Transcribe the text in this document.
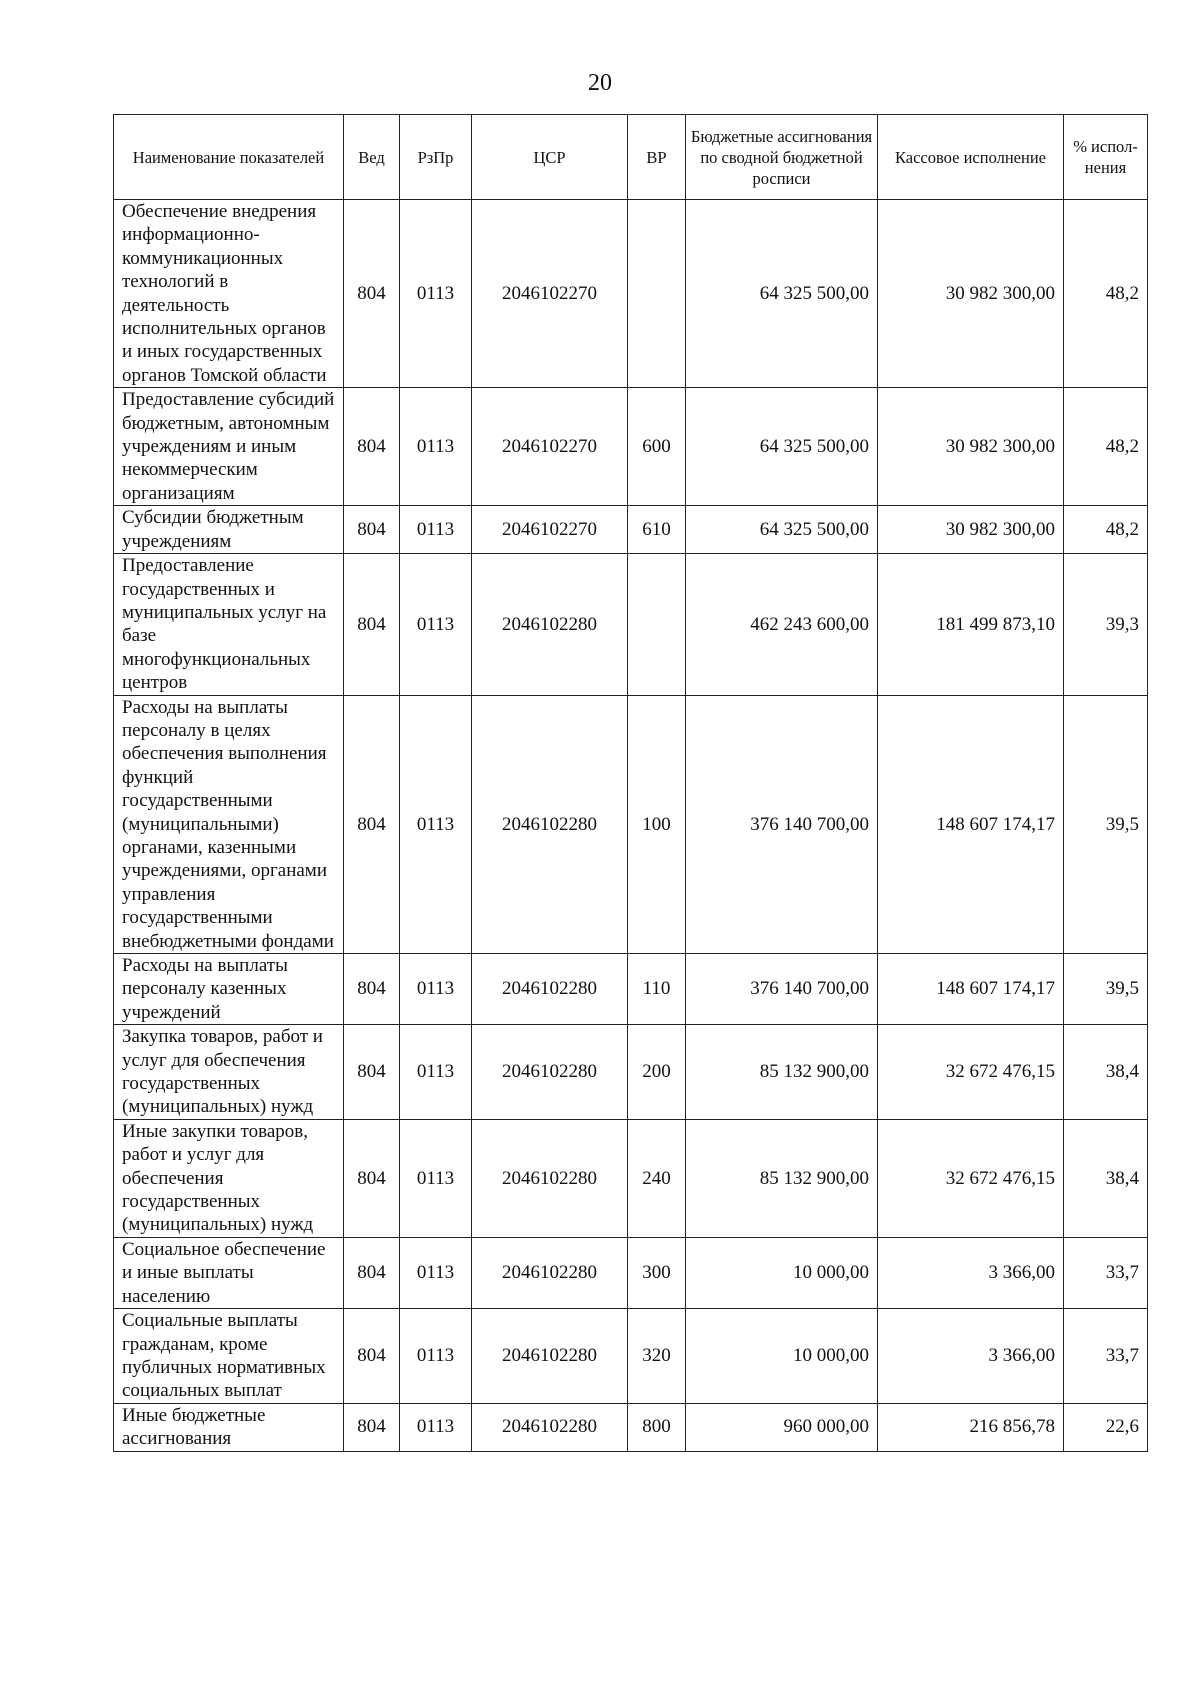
20
Наименование показателей	Вед	РзПр	ЦСР	ВР	Бюджетные ассигнования по сводной бюджетной росписи	Кассовое исполнение	% испол-нения
Обеспечение внедрения информационно-коммуникационных технологий в деятельность исполнительных органов и иных государственных органов Томской области	804	0113	2046102270		64 325 500,00	30 982 300,00	48,2
Предоставление субсидий бюджетным, автономным учреждениям и иным некоммерческим организациям	804	0113	2046102270	600	64 325 500,00	30 982 300,00	48,2
Субсидии бюджетным учреждениям	804	0113	2046102270	610	64 325 500,00	30 982 300,00	48,2
Предоставление государственных и муниципальных услуг на базе многофункциональных центров	804	0113	2046102280		462 243 600,00	181 499 873,10	39,3
Расходы на выплаты персоналу в целях обеспечения выполнения функций государственными (муниципальными) органами, казенными учреждениями, органами управления государственными внебюджетными фондами	804	0113	2046102280	100	376 140 700,00	148 607 174,17	39,5
Расходы на выплаты персоналу казенных учреждений	804	0113	2046102280	110	376 140 700,00	148 607 174,17	39,5
Закупка товаров, работ и услуг для обеспечения государственных (муниципальных) нужд	804	0113	2046102280	200	85 132 900,00	32 672 476,15	38,4
Иные закупки товаров, работ и услуг для обеспечения государственных (муниципальных) нужд	804	0113	2046102280	240	85 132 900,00	32 672 476,15	38,4
Социальное обеспечение и иные выплаты населению	804	0113	2046102280	300	10 000,00	3 366,00	33,7
Социальные выплаты гражданам, кроме публичных нормативных социальных выплат	804	0113	2046102280	320	10 000,00	3 366,00	33,7
Иные бюджетные ассигнования	804	0113	2046102280	800	960 000,00	216 856,78	22,6
